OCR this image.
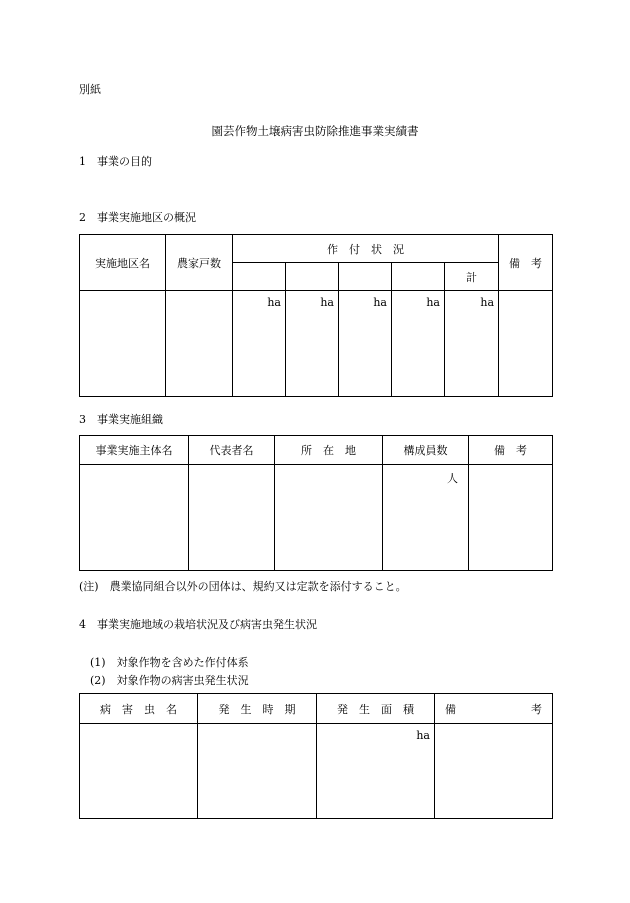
別紙
園芸作物土壌病害虫防除推進事業実績書
1　事業の目的
2　事業実施地区の概況
実施地区名	農家戸数	作　付　状　況					備　考
						計	
		ha	ha	ha	ha	ha	
3　事業実施組織
事業実施主体名	代表者名	所　在　地	構成員数	備　考
			人	
(注)　農業協同組合以外の団体は、規約又は定款を添付すること。
4　事業実施地域の栽培状況及び病害虫発生状況
(1)　対象作物を含めた作付体系
(2)　対象作物の病害虫発生状況
病　害　虫　名	発　生　時　期	発　生　面　積	備 考

		ha	
